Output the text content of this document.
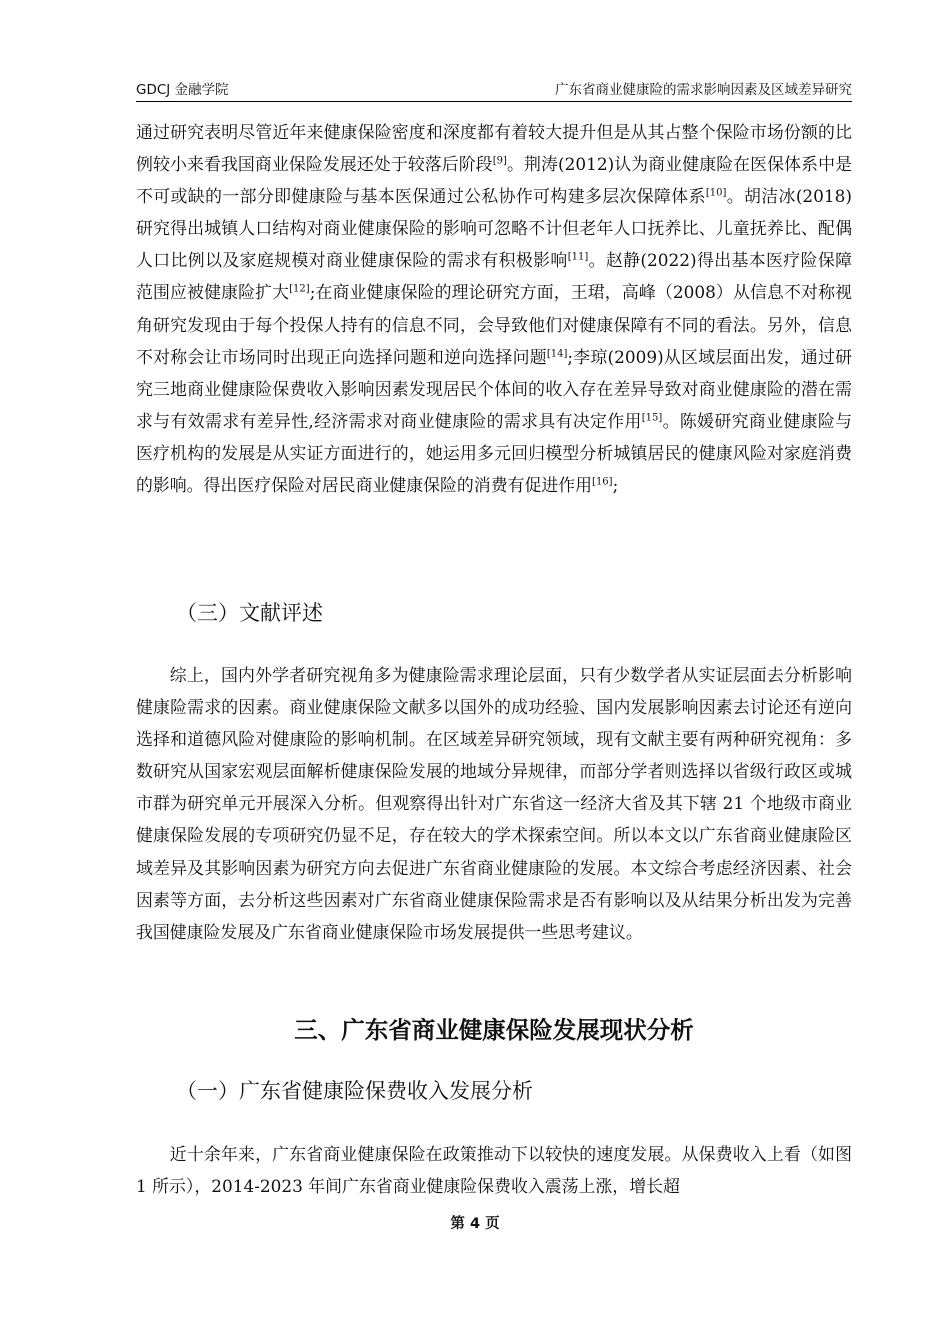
GDCJ 金融学院	广东省商业健康险的需求影响因素及区域差异研究

通过研究表明尽管近年来健康保险密度和深度都有着较大提升但是从其占整个保险市场份额的比例较小来看我国商业保险发展还处于较落后阶段[9]。荆涛(2012)认为商业健康险在医保体系中是不可或缺的一部分即健康险与基本医保通过公私协作可构建多层次保障体系[10]。胡洁冰(2018)研究得出城镇人口结构对商业健康保险的影响可忽略不计但老年人口抚养比、儿童抚养比、配偶人口比例以及家庭规模对商业健康保险的需求有积极影响[11]。赵静(2022)得出基本医疗险保障范围应被健康险扩大[12];在商业健康保险的理论研究方面，王珺，高峰（2008）从信息不对称视角研究发现由于每个投保人持有的信息不同，会导致他们对健康保障有不同的看法。另外，信息不对称会让市场同时出现正向选择问题和逆向选择问题[14];李琼(2009)从区域层面出发，通过研究三地商业健康险保费收入影响因素发现居民个体间的收入存在差异导致对商业健康险的潜在需求与有效需求有差异性,经济需求对商业健康险的需求具有决定作用[15]。陈媛研究商业健康险与医疗机构的发展是从实证方面进行的，她运用多元回归模型分析城镇居民的健康风险对家庭消费的影响。得出医疗保险对居民商业健康保险的消费有促进作用[16];

（三）文献评述

综上，国内外学者研究视角多为健康险需求理论层面，只有少数学者从实证层面去分析影响健康险需求的因素。商业健康保险文献多以国外的成功经验、国内发展影响因素去讨论还有逆向选择和道德风险对健康险的影响机制。在区域差异研究领域，现有文献主要有两种研究视角：多数研究从国家宏观层面解析健康保险发展的地域分异规律，而部分学者则选择以省级行政区或城市群为研究单元开展深入分析。但观察得出针对广东省这一经济大省及其下辖 21 个地级市商业健康保险发展的专项研究仍显不足，存在较大的学术探索空间。所以本文以广东省商业健康险区域差异及其影响因素为研究方向去促进广东省商业健康险的发展。本文综合考虑经济因素、社会因素等方面，去分析这些因素对广东省商业健康保险需求是否有影响以及从结果分析出发为完善我国健康险发展及广东省商业健康保险市场发展提供一些思考建议。

三、广东省商业健康保险发展现状分析
（一）广东省健康险保费收入发展分析

近十余年来，广东省商业健康保险在政策推动下以较快的速度发展。从保费收入上看（如图1 所示），2014-2023 年间广东省商业健康险保费收入震荡上涨，增长超

第 4 页
